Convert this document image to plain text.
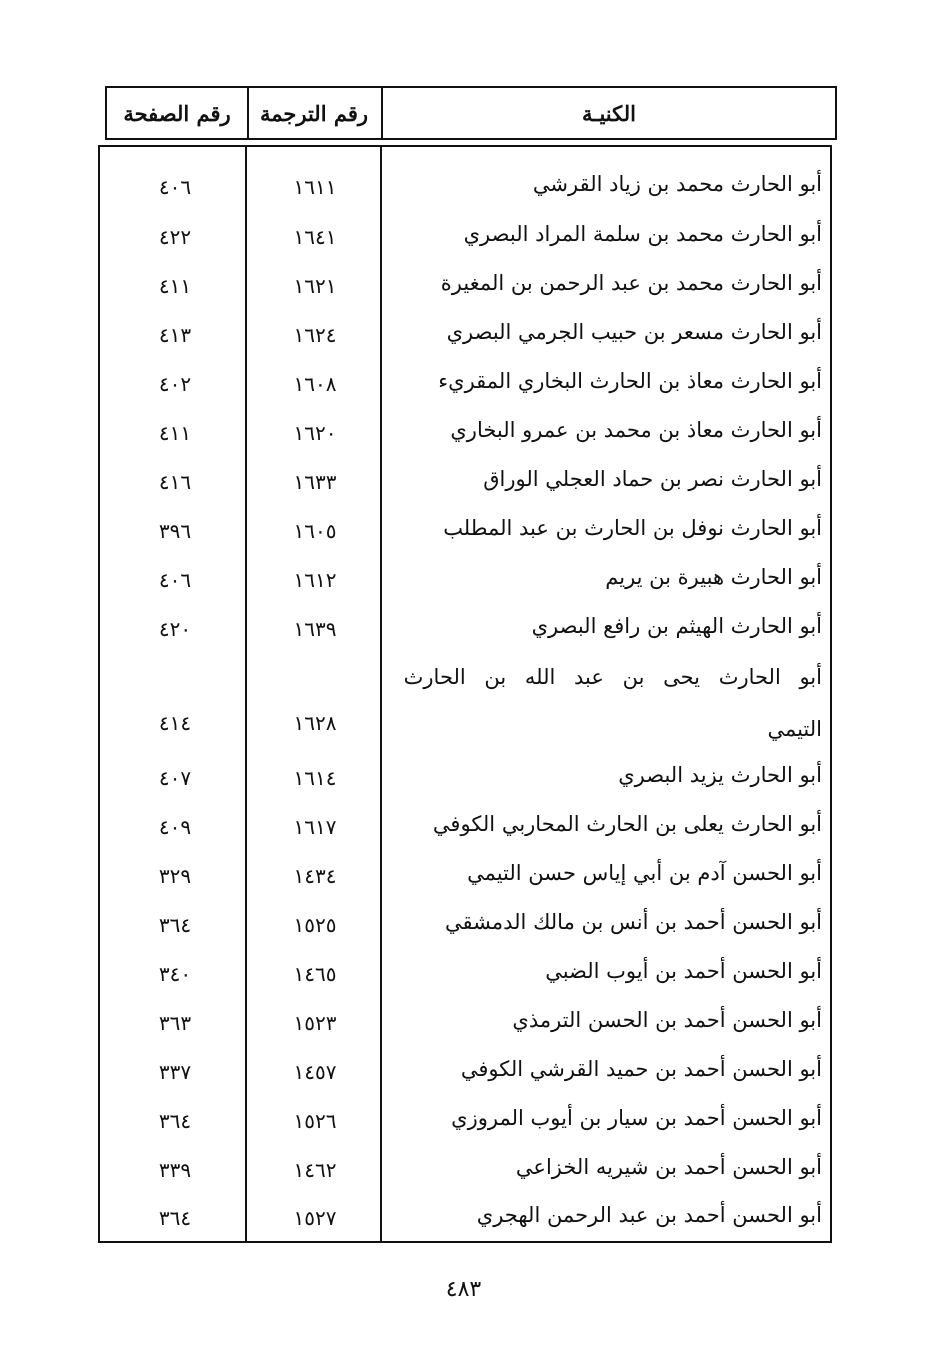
الكنيـة
رقم الترجمة
رقم الصفحة
أبو الحارث محمد بن زياد القرشي
١٦١١
٤٠٦
أبو الحارث محمد بن سلمة المراد البصري
١٦٤١
٤٢٢
أبو الحارث محمد بن عبد الرحمن بن المغيرة
١٦٢١
٤١١
أبو الحارث مسعر بن حبيب الجرمي البصري
١٦٢٤
٤١٣
أبو الحارث معاذ بن الحارث البخاري المقريء
١٦٠٨
٤٠٢
أبو الحارث معاذ بن محمد بن عمرو البخاري
١٦٢٠
٤١١
أبو الحارث نصر بن حماد العجلي الوراق
١٦٣٣
٤١٦
أبو الحارث نوفل بن الحارث بن عبد المطلب
١٦٠٥
٣٩٦
أبو الحارث هبيرة بن يريم
١٦١٢
٤٠٦
أبو الحارث الهيثم بن رافع البصري
١٦٣٩
٤٢٠
أبو الحارث يحى بن عبد الله بن الحارث
التيمي
١٦٢٨
٤١٤
أبو الحارث يزيد البصري
١٦١٤
٤٠٧
أبو الحارث يعلى بن الحارث المحاربي الكوفي
١٦١٧
٤٠٩
أبو الحسن آدم بن أبي إياس حسن التيمي
١٤٣٤
٣٢٩
أبو الحسن أحمد بن أنس بن مالك الدمشقي
١٥٢٥
٣٦٤
أبو الحسن أحمد بن أيوب الضبي
١٤٦٥
٣٤٠
أبو الحسن أحمد بن الحسن الترمذي
١٥٢٣
٣٦٣
أبو الحسن أحمد بن حميد القرشي الكوفي
١٤٥٧
٣٣٧
أبو الحسن أحمد بن سيار بن أيوب المروزي
١٥٢٦
٣٦٤
أبو الحسن أحمد بن شيريه الخزاعي
١٤٦٢
٣٣٩
أبو الحسن أحمد بن عبد الرحمن الهجري
١٥٢٧
٣٦٤
٤٨٣
